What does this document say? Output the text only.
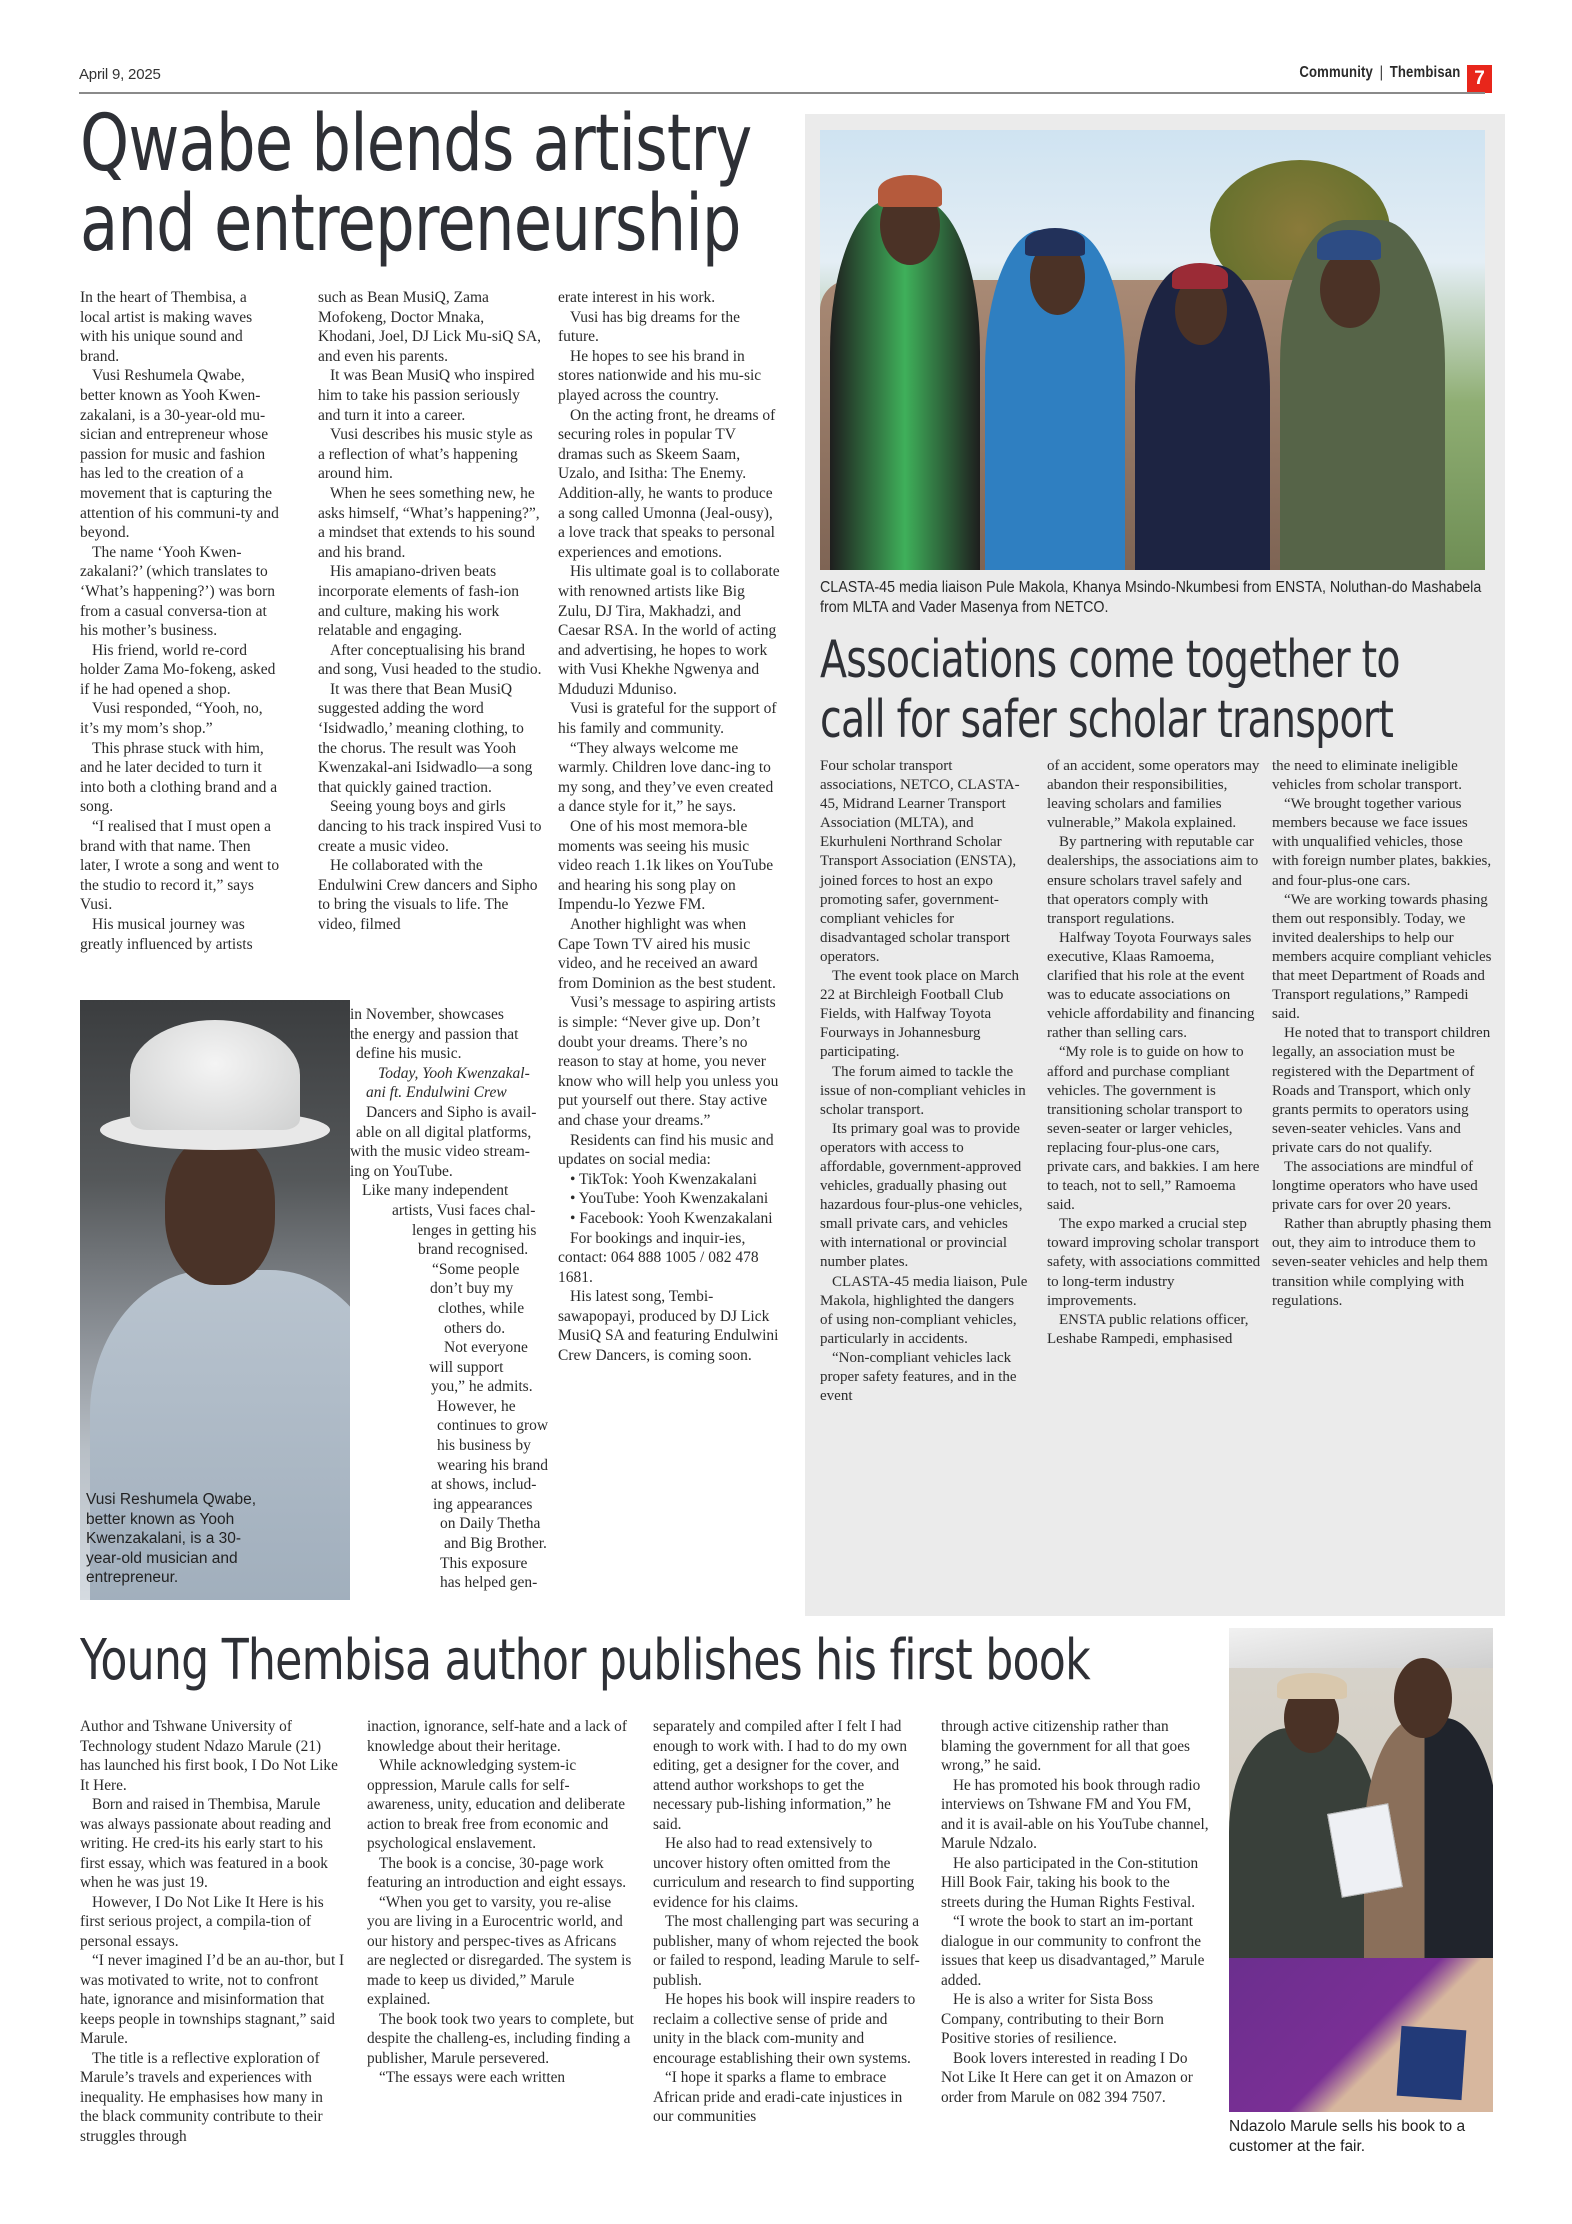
April 9, 2025	Community | Thembisan 7
Qwabe blends artistry
and entrepreneurship

In the heart of Thembisa, a local artist is making waves with his unique sound and brand.

Vusi Reshumela Qwabe, better known as Yooh Kwen-zakalani, is a 30-year-old mu-sician and entrepreneur whose passion for music and fashion has led to the creation of a movement that is capturing the attention of his communi-ty and beyond.

The name ‘Yooh Kwen-zakalani?’ (which translates to ‘What’s happening?’) was born from a casual conversa-tion at his mother’s business.

His friend, world re-cord holder Zama Mo-fokeng, asked if he had opened a shop.

Vusi responded, “Yooh, no, it’s my mom’s shop.”

This phrase stuck with him, and he later decided to turn it into both a clothing brand and a song.

“I realised that I must open a brand with that name. Then later, I wrote a song and went to the studio to record it,” says Vusi.

His musical journey was greatly influenced by artists

such as Bean MusiQ, Zama Mofokeng, Doctor Mnaka, Khodani, Joel, DJ Lick Mu-siQ SA, and even his parents.

It was Bean MusiQ who inspired him to take his passion seriously and turn it into a career.

Vusi describes his music style as a reflection of what’s happening around him.

When he sees something new, he asks himself, “What’s happening?”, a mindset that extends to his sound and his brand.

His amapiano-driven beats incorporate elements of fash-ion and culture, making his work relatable and engaging.

After conceptualising his brand and song, Vusi headed to the studio.

It was there that Bean MusiQ suggested adding the word ‘Isidwadlo,’ meaning clothing, to the chorus. The result was Yooh Kwenzakal-ani Isidwadlo—a song that quickly gained traction.

Seeing young boys and girls dancing to his track inspired Vusi to create a music video.

He collaborated with the Endulwini Crew dancers and Sipho to bring the visuals to life. The video, filmed

Vusi Reshumela Qwabe, better known as Yooh Kwenzakalani, is a 30-year-old musician and entrepreneur.
in November, showcases
the energy and passion that
define his music.
Today, Yooh Kwenzakal-
ani ft. Endulwini Crew
Dancers and Sipho is avail-
able on all digital platforms,
with the music video stream-
ing on YouTube.
Like many independent
artists, Vusi faces chal-
lenges in getting his
brand recognised.
“Some people
don’t buy my
clothes, while
others do.
Not everyone
will support
you,” he admits.
However, he
continues to grow
his business by
wearing his brand
at shows, includ-
ing appearances
on Daily Thetha
and Big Brother.
This exposure
has helped gen-

erate interest in his work.

Vusi has big dreams for the future.

He hopes to see his brand in stores nationwide and his mu-sic played across the country.

On the acting front, he dreams of securing roles in popular TV dramas such as Skeem Saam, Uzalo, and Isitha: The Enemy. Addition-ally, he wants to produce a song called Umonna (Jeal-ousy), a love track that speaks to personal experiences and emotions.

His ultimate goal is to collaborate with renowned artists like Big Zulu, DJ Tira, Makhadzi, and Caesar RSA. In the world of acting and advertising, he hopes to work with Vusi Khekhe Ngwenya and Mduduzi Mduniso.

Vusi is grateful for the support of his family and community.

“They always welcome me warmly. Children love danc-ing to my song, and they’ve even created a dance style for it,” he says.

One of his most memora-ble moments was seeing his music video reach 1.1k likes on YouTube and hearing his song play on Impendu-lo Yezwe FM.

Another highlight was when Cape Town TV aired his music video, and he received an award from Dominion as the best student.

Vusi’s message to aspiring artists is simple: “Never give up. Don’t doubt your dreams. There’s no reason to stay at home, you never know who will help you unless you put yourself out there. Stay active and chase your dreams.”

Residents can find his music and updates on social media:

• TikTok: Yooh Kwenzakalani

• YouTube: Yooh Kwenzakalani

• Facebook: Yooh Kwenzakalani

For bookings and inquir-ies, contact: 064 888 1005 / 082 478 1681.

His latest song, Tembi-sawapopayi, produced by DJ Lick MusiQ SA and featuring Endulwini Crew Dancers, is coming soon.

CLASTA-45 media liaison Pule Makola, Khanya Msindo-Nkumbesi from ENSTA, Noluthan-do Mashabela from MLTA and Vader Masenya from NETCO.
Associations come together to
call for safer scholar transport

Four scholar transport associations, NETCO, CLASTA-45, Midrand Learner Transport Association (MLTA), and Ekurhuleni Northrand Scholar Transport Association (ENSTA), joined forces to host an expo promoting safer, government-compliant vehicles for disadvantaged scholar transport operators.

The event took place on March 22 at Birchleigh Football Club Fields, with Halfway Toyota Fourways in Johannesburg participating.

The forum aimed to tackle the issue of non-compliant vehicles in scholar transport.

Its primary goal was to provide operators with access to affordable, government-approved vehicles, gradually phasing out hazardous four-plus-one vehicles, small private cars, and vehicles with international or provincial number plates.

CLASTA-45 media liaison, Pule Makola, highlighted the dangers of using non-compliant vehicles, particularly in accidents.

“Non-compliant vehicles lack proper safety features, and in the event

of an accident, some operators may abandon their responsibilities, leaving scholars and families vulnerable,” Makola explained.

By partnering with reputable car dealerships, the associations aim to ensure scholars travel safely and that operators comply with transport regulations.

Halfway Toyota Fourways sales executive, Klaas Ramoema, clarified that his role at the event was to educate associations on vehicle affordability and financing rather than selling cars.

“My role is to guide on how to afford and purchase compliant vehicles. The government is transitioning scholar transport to seven-seater or larger vehicles, replacing four-plus-one cars, private cars, and bakkies. I am here to teach, not to sell,” Ramoema said.

The expo marked a crucial step toward improving scholar transport safety, with associations committed to long-term industry improvements.

ENSTA public relations officer, Leshabe Rampedi, emphasised

the need to eliminate ineligible vehicles from scholar transport.

“We brought together various members because we face issues with unqualified vehicles, those with foreign number plates, bakkies, and four-plus-one cars.

“We are working towards phasing them out responsibly. Today, we invited dealerships to help our members acquire compliant vehicles that meet Department of Roads and Transport regulations,” Rampedi said.

He noted that to transport children legally, an association must be registered with the Department of Roads and Transport, which only grants permits to operators using seven-seater vehicles. Vans and private cars do not qualify.

The associations are mindful of longtime operators who have used private cars for over 20 years.

Rather than abruptly phasing them out, they aim to introduce them to seven-seater vehicles and help them transition while complying with regulations.

Young Thembisa author publishes his first book

Author and Tshwane University of Technology student Ndazo Marule (21) has launched his first book, I Do Not Like It Here.

Born and raised in Thembisa, Marule was always passionate about reading and writing. He cred-its his early start to his first essay, which was featured in a book when he was just 19.

However, I Do Not Like It Here is his first serious project, a compila-tion of personal essays.

“I never imagined I’d be an au-thor, but I was motivated to write, not to confront hate, ignorance and misinformation that keeps people in townships stagnant,” said Marule.

The title is a reflective exploration of Marule’s travels and experiences with inequality. He emphasises how many in the black community contribute to their struggles through

inaction, ignorance, self-hate and a lack of knowledge about their heritage.

While acknowledging system-ic oppression, Marule calls for self-awareness, unity, education and deliberate action to break free from economic and psychological enslavement.

The book is a concise, 30-page work featuring an introduction and eight essays.

“When you get to varsity, you re-alise you are living in a Eurocentric world, and our history and perspec-tives as Africans are neglected or disregarded. The system is made to keep us divided,” Marule explained.

The book took two years to complete, but despite the challeng-es, including finding a publisher, Marule persevered.

“The essays were each written

separately and compiled after I felt I had enough to work with. I had to do my own editing, get a designer for the cover, and attend author workshops to get the necessary pub-lishing information,” he said.

He also had to read extensively to uncover history often omitted from the curriculum and research to find supporting evidence for his claims.

The most challenging part was securing a publisher, many of whom rejected the book or failed to respond, leading Marule to self-publish.

He hopes his book will inspire readers to reclaim a collective sense of pride and unity in the black com-munity and encourage establishing their own systems.

“I hope it sparks a flame to embrace African pride and eradi-cate injustices in our communities

through active citizenship rather than blaming the government for all that goes wrong,” he said.

He has promoted his book through radio interviews on Tshwane FM and You FM, and it is avail-able on his YouTube channel, Marule Ndzalo.

He also participated in the Con-stitution Hill Book Fair, taking his book to the streets during the Human Rights Festival.

“I wrote the book to start an im-portant dialogue in our community to confront the issues that keep us disadvantaged,” Marule added.

He is also a writer for Sista Boss Company, contributing to their Born Positive stories of resilience.

Book lovers interested in reading I Do Not Like It Here can get it on Amazon or order from Marule on 082 394 7507.

Ndazolo Marule sells his book to a customer at the fair.
